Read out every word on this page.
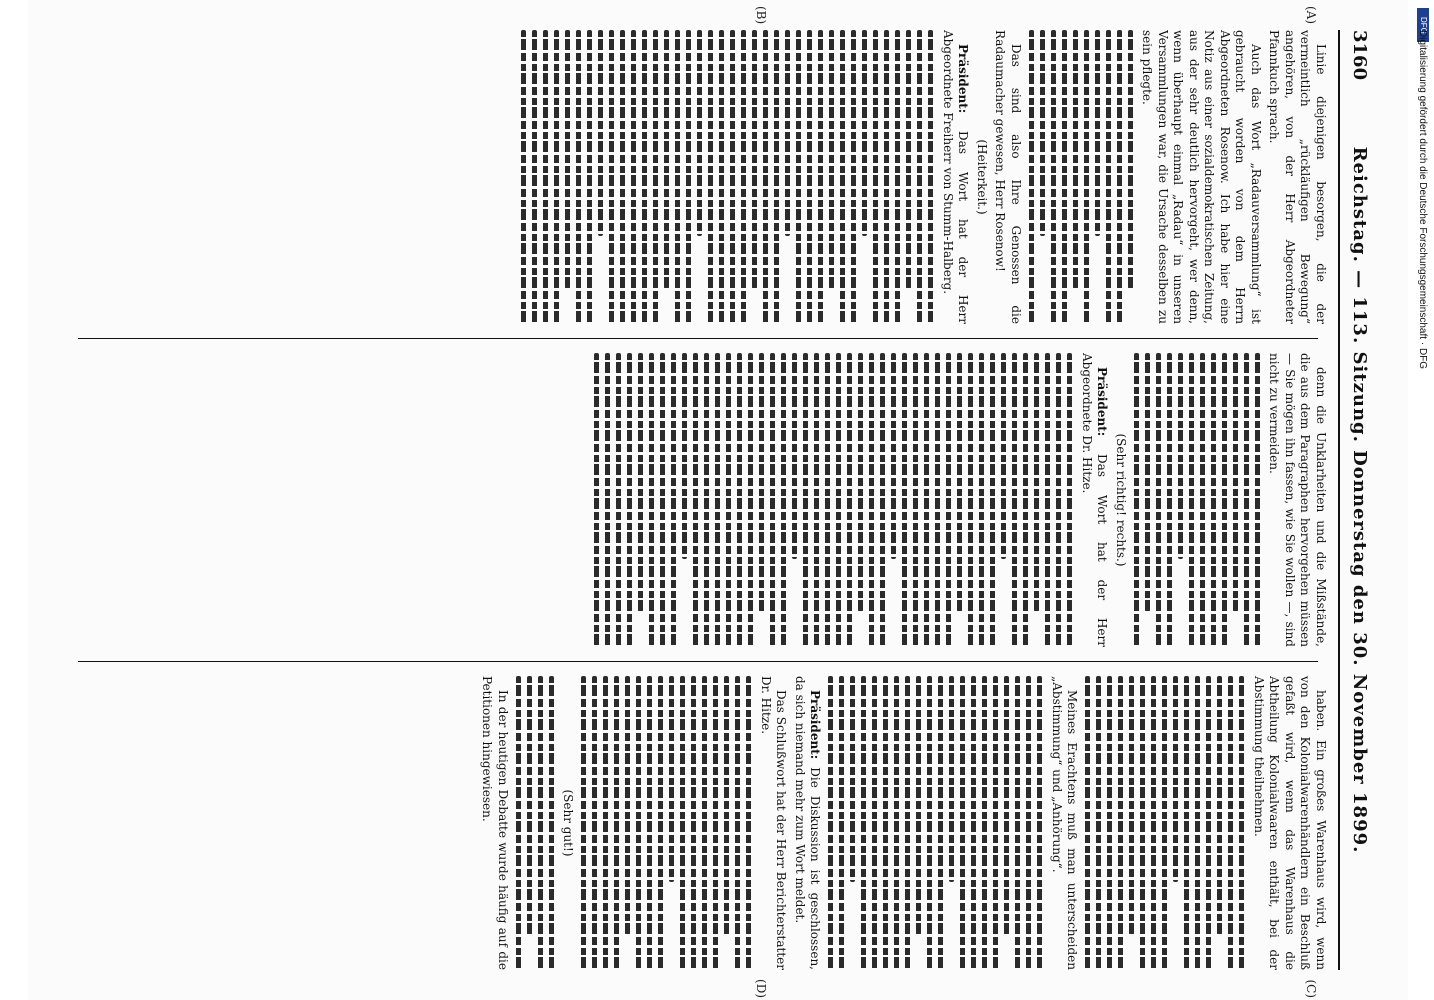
3160
Reichstag. — 113. Sitzung. Donnerstag den 30. November 1899.

Linie diejenigen besorgen, die der vermeintlich „rückläufigen Bewegung“ angehören, von der Herr Abgeordneter Pfannkuch sprach.

Auch das Wort „Radauversammlung“ ist gebraucht worden von dem Herrn Abgeordneten Rosenow. Ich habe hier eine Notiz aus einer sozialdemokratischen Zeitung, aus der sehr deutlich hervorgeht, wer denn, wenn überhaupt einmal „Radau“ in unseren Versammlungen war, die Ursache desselben zu sein pflegte.

Das sind also Ihre Genossen die Radaumacher gewesen, Herr Rosenow!

(Heiterkeit.)

Präsident: Das Wort hat der Herr Abgeordnete Freiherr von Stumm-Halberg.

denn die Unklarheiten und die Mißstände, die aus dem Paragraphen hervorgehen müssen — Sie mögen ihn fassen, wie Sie wollen —, sind nicht zu vermeiden.

(Sehr richtig! rechts.)

Präsident: Das Wort hat der Herr Abgeordnete Dr. Hitze.

haben. Ein großes Warenhaus wird, wenn von den Kolonialwarenhändlern ein Beschluß gefaßt wird, wenn das Warenhaus die Abtheilung Kolonialwaaren enthält, bei der Abstimmung theilnehmen.

Meines Erachtens muß man unterscheiden „Abstimmung“ und „Anhörung“.

Präsident: Die Diskussion ist geschlossen, da sich niemand mehr zum Wort meldet.

Das Schlußwort hat der Herr Berichterstatter Dr. Hitze.

(Sehr gut!)

In der heutigen Debatte wurde häufig auf die Petitionen hingewiesen.

(A)
(B)
(C)
(D)
DFG
Digitalisierung gefördert durch die Deutsche Forschungsgemeinschaft · DFG
